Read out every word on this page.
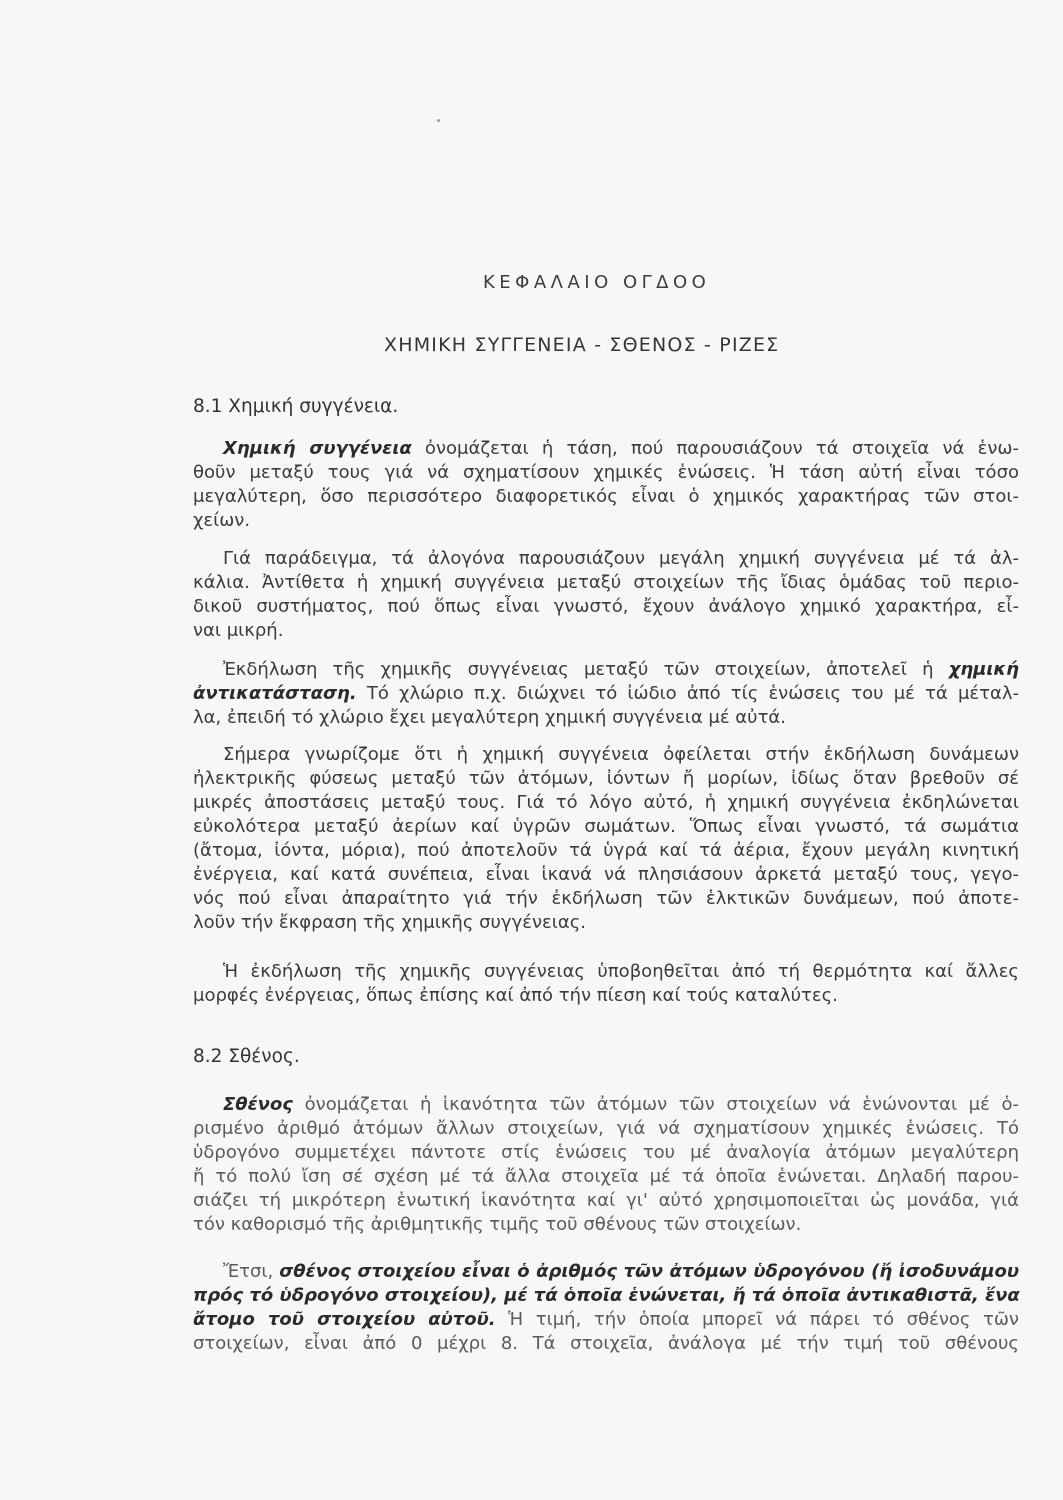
ΚΕΦΑΛΑΙΟ ΟΓΔΟΟ
ΧΗΜΙΚΗ ΣΥΓΓΕΝΕΙΑ - ΣΘΕΝΟΣ - ΡΙΖΕΣ
8.1 Χημική συγγένεια.
Χημική συγγένεια ὀνομάζεται ἡ τάση, πού παρουσιάζουν τά στοιχεῖα νά ἑνω-
θοῦν μεταξύ τους γιά νά σχηματίσουν χημικές ἑνώσεις. Ἡ τάση αὐτή εἶναι τόσο
μεγαλύτερη, ὅσο περισσότερο διαφορετικός εἶναι ὁ χημικός χαρακτήρας τῶν στοι-
χείων.
Γιά παράδειγμα, τά ἀλογόνα παρουσιάζουν μεγάλη χημική συγγένεια μέ τά ἀλ-
κάλια. Ἀντίθετα ἡ χημική συγγένεια μεταξύ στοιχείων τῆς ἴδιας ὁμάδας τοῦ περιο-
δικοῦ συστήματος, πού ὅπως εἶναι γνωστό, ἔχουν ἀνάλογο χημικό χαρακτήρα, εἶ-
ναι μικρή.
Ἐκδήλωση τῆς χημικῆς συγγένειας μεταξύ τῶν στοιχείων, ἀποτελεῖ ἡ χημική
ἀντικατάσταση. Τό χλώριο π.χ. διώχνει τό ἰώδιο ἀπό τίς ἑνώσεις του μέ τά μέταλ-
λα, ἐπειδή τό χλώριο ἔχει μεγαλύτερη χημική συγγένεια μέ αὐτά.
Σήμερα γνωρίζομε ὅτι ἡ χημική συγγένεια ὀφείλεται στήν ἐκδήλωση δυνάμεων
ἠλεκτρικῆς φύσεως μεταξύ τῶν ἀτόμων, ἰόντων ἤ μορίων, ἰδίως ὅταν βρεθοῦν σέ
μικρές ἀποστάσεις μεταξύ τους. Γιά τό λόγο αὐτό, ἡ χημική συγγένεια ἐκδηλώνεται
εὐκολότερα μεταξύ ἀερίων καί ὑγρῶν σωμάτων. Ὅπως εἶναι γνωστό, τά σωμάτια
(ἄτομα, ἰόντα, μόρια), πού ἀποτελοῦν τά ὑγρά καί τά ἀέρια, ἔχουν μεγάλη κινητική
ἐνέργεια, καί κατά συνέπεια, εἶναι ἱκανά νά πλησιάσουν ἀρκετά μεταξύ τους, γεγο-
νός πού εἶναι ἀπαραίτητο γιά τήν ἐκδήλωση τῶν ἑλκτικῶν δυνάμεων, πού ἀποτε-
λοῦν τήν ἔκφραση τῆς χημικῆς συγγένειας.
Ἡ ἐκδήλωση τῆς χημικῆς συγγένειας ὑποβοηθεῖται ἀπό τή θερμότητα καί ἄλλες
μορφές ἐνέργειας, ὅπως ἐπίσης καί ἀπό τήν πίεση καί τούς καταλύτες.
8.2 Σθένος.
Σθένος ὀνομάζεται ἡ ἱκανότητα τῶν ἀτόμων τῶν στοιχείων νά ἑνώνονται μέ ὁ-
ρισμένο ἀριθμό ἀτόμων ἄλλων στοιχείων, γιά νά σχηματίσουν χημικές ἑνώσεις. Τό
ὑδρογόνο συμμετέχει πάντοτε στίς ἑνώσεις του μέ ἀναλογία ἀτόμων μεγαλύτερη
ἤ τό πολύ ἴση σέ σχέση μέ τά ἄλλα στοιχεῖα μέ τά ὁποῖα ἑνώνεται. Δηλαδή παρου-
σιάζει τή μικρότερη ἑνωτική ἱκανότητα καί γι' αὐτό χρησιμοποιεῖται ὡς μονάδα, γιά
τόν καθορισμό τῆς ἀριθμητικῆς τιμῆς τοῦ σθένους τῶν στοιχείων.
Ἔτσι, σθένος στοιχείου εἶναι ὁ ἀριθμός τῶν ἀτόμων ὑδρογόνου (ἤ ἰσοδυνάμου
πρός τό ὑδρογόνο στοιχείου), μέ τά ὁποῖα ἑνώνεται, ἤ τά ὁποῖα ἀντικαθιστᾶ, ἕνα
ἄτομο τοῦ στοιχείου αὐτοῦ. Ἡ τιμή, τήν ὁποία μπορεῖ νά πάρει τό σθένος τῶν
στοιχείων, εἶναι ἀπό 0 μέχρι 8. Τά στοιχεῖα, ἀνάλογα μέ τήν τιμή τοῦ σθένους
